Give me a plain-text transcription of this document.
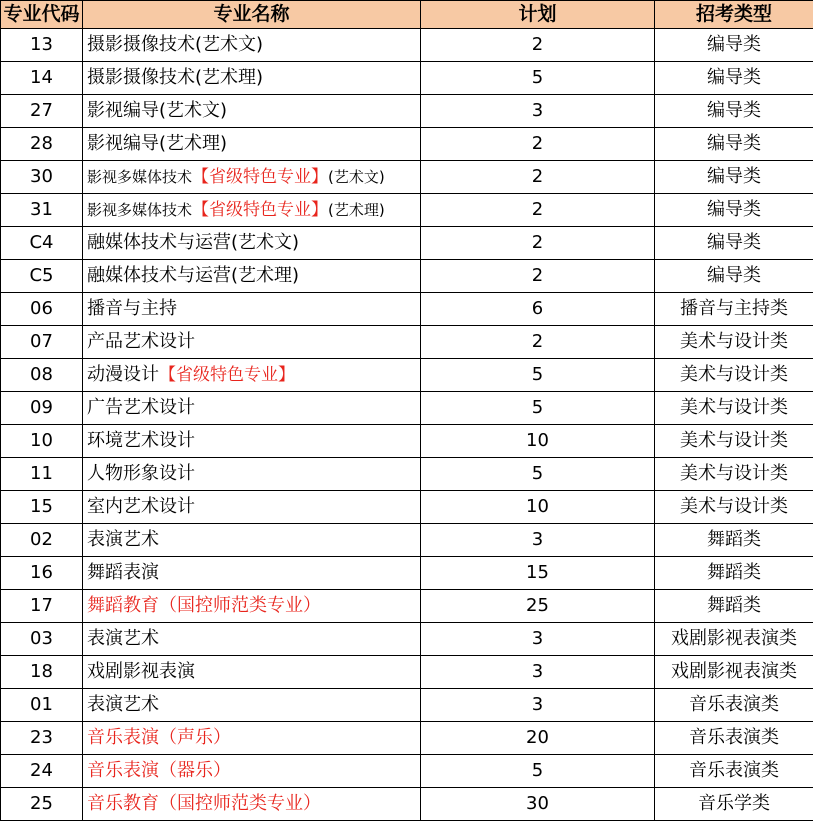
专业代码	专业名称	计划	招考类型
13	摄影摄像技术(艺术文)	2	编导类
14	摄影摄像技术(艺术理)	5	编导类
27	影视编导(艺术文)	3	编导类
28	影视编导(艺术理)	2	编导类
30	影视多媒体技术【省级特色专业】(艺术文)	2	编导类
31	影视多媒体技术【省级特色专业】(艺术理)	2	编导类
C4	融媒体技术与运营(艺术文)	2	编导类
C5	融媒体技术与运营(艺术理)	2	编导类
06	播音与主持	6	播音与主持类
07	产品艺术设计	2	美术与设计类
08	动漫设计【省级特色专业】	5	美术与设计类
09	广告艺术设计	5	美术与设计类
10	环境艺术设计	10	美术与设计类
11	人物形象设计	5	美术与设计类
15	室内艺术设计	10	美术与设计类
02	表演艺术	3	舞蹈类
16	舞蹈表演	15	舞蹈类
17	舞蹈教育（国控师范类专业）	25	舞蹈类
03	表演艺术	3	戏剧影视表演类
18	戏剧影视表演	3	戏剧影视表演类
01	表演艺术	3	音乐表演类
23	音乐表演（声乐）	20	音乐表演类
24	音乐表演（器乐）	5	音乐表演类
25	音乐教育（国控师范类专业）	30	音乐学类
